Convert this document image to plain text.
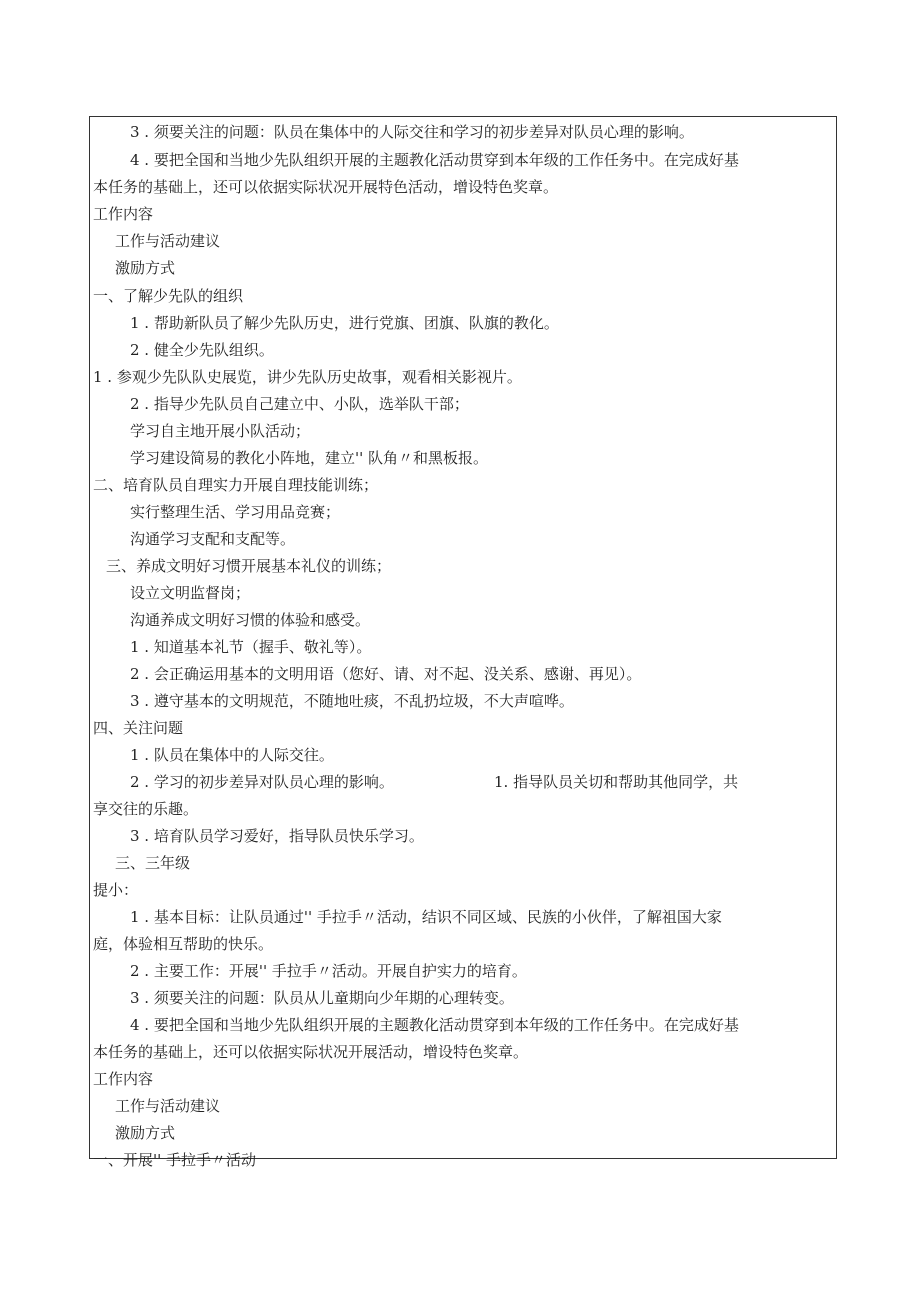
3 . 须要关注的问题：队员在集体中的人际交往和学习的初步差异对队员心理的影响。
4 . 要把全国和当地少先队组织开展的主题教化活动贯穿到本年级的工作任务中。在完成好基
本任务的基础上，还可以依据实际状况开展特色活动，增设特色奖章。
工作内容
工作与活动建议
激励方式
一、了解少先队的组织
1 . 帮助新队员了解少先队历史，进行党旗、团旗、队旗的教化。
2 . 健全少先队组织。
1 . 参观少先队队史展览，讲少先队历史故事，观看相关影视片。
2 . 指导少先队员自己建立中、小队，选举队干部；
学习自主地开展小队活动；
学习建设简易的教化小阵地，建立'' 队角〃和黑板报。
二、培育队员自理实力开展自理技能训练；
实行整理生活、学习用品竞赛；
沟通学习支配和支配等。
三、养成文明好习惯开展基本礼仪的训练；
设立文明监督岗；
沟通养成文明好习惯的体验和感受。
1 . 知道基本礼节（握手、敬礼等）。
2 . 会正确运用基本的文明用语（您好、请、对不起、没关系、感谢、再见）。
3 . 遵守基本的文明规范，不随地吐痰，不乱扔垃圾，不大声喧哗。
四、关注问题
1 . 队员在集体中的人际交往。
2 . 学习的初步差异对队员心理的影响。	1. 指导队员关切和帮助其他同学，共
享交往的乐趣。
3 . 培育队员学习爱好，指导队员快乐学习。
三、三年级
提小：
1 . 基本目标：让队员通过'' 手拉手〃活动，结识不同区域、民族的小伙伴，了解祖国大家
庭，体验相互帮助的快乐。
2 . 主要工作：开展'' 手拉手〃活动。开展自护实力的培育。
3 . 须要关注的问题：队员从儿童期向少年期的心理转变。
4 . 要把全国和当地少先队组织开展的主题教化活动贯穿到本年级的工作任务中。在完成好基
本任务的基础上，还可以依据实际状况开展活动，增设特色奖章。
工作内容
工作与活动建议
激励方式
一、开展'' 手拉手〃活动
